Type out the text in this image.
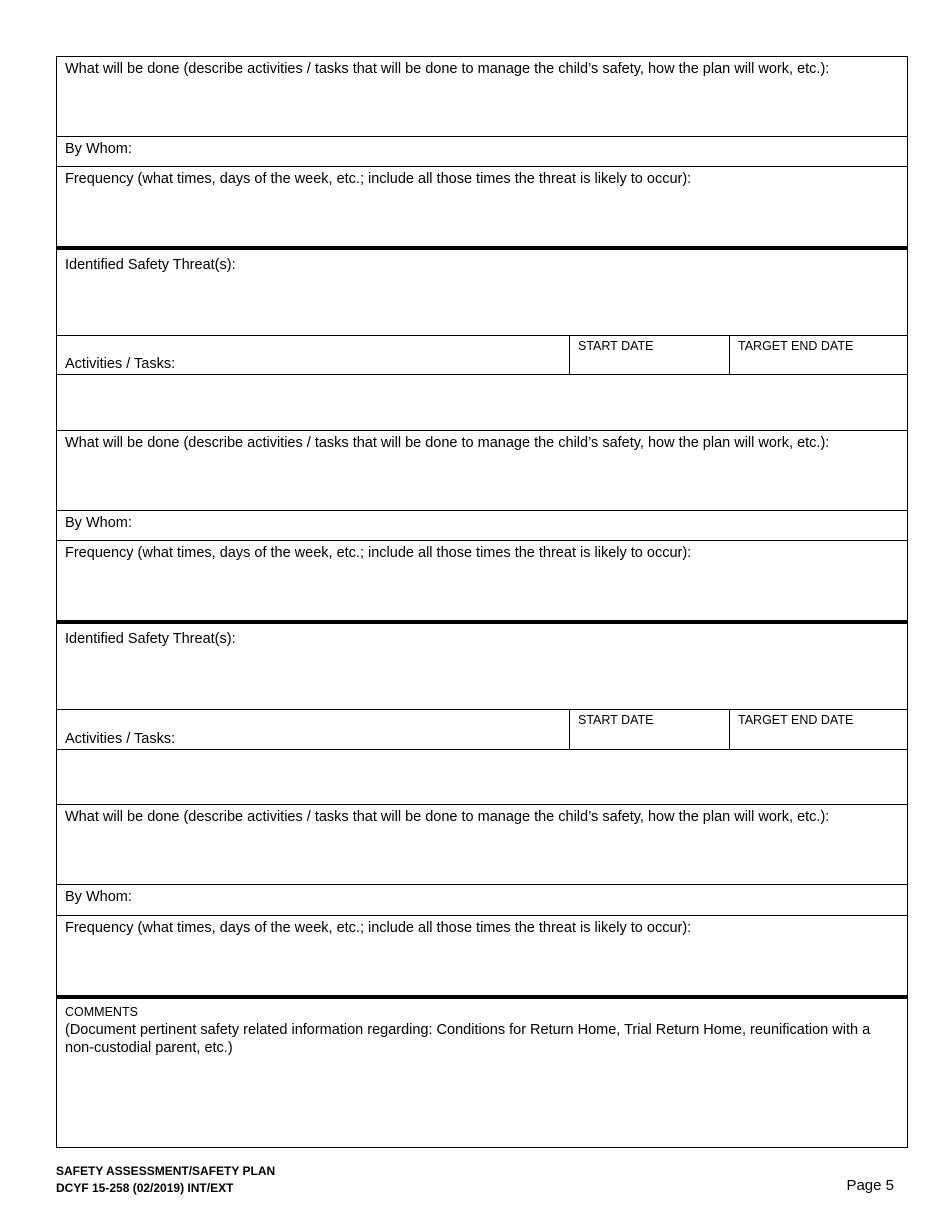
What will be done (describe activities / tasks that will be done to manage the child’s safety, how the plan will work, etc.):
By Whom:
Frequency (what times, days of the week, etc.; include all those times the threat is likely to occur):
Identified Safety Threat(s):
Activities / Tasks:
START DATE	TARGET END DATE
What will be done (describe activities / tasks that will be done to manage the child’s safety, how the plan will work, etc.):
By Whom:
Frequency (what times, days of the week, etc.; include all those times the threat is likely to occur):
Identified Safety Threat(s):
Activities / Tasks:
START DATE	TARGET END DATE
What will be done (describe activities / tasks that will be done to manage the child’s safety, how the plan will work, etc.):
By Whom:
Frequency (what times, days of the week, etc.; include all those times the threat is likely to occur):
COMMENTS
(Document pertinent safety related information regarding: Conditions for Return Home, Trial Return Home, reunification with a non-custodial parent, etc.)
SAFETY ASSESSMENT/SAFETY PLAN
DCYF 15-258 (02/2019) INT/EXT	Page 5
